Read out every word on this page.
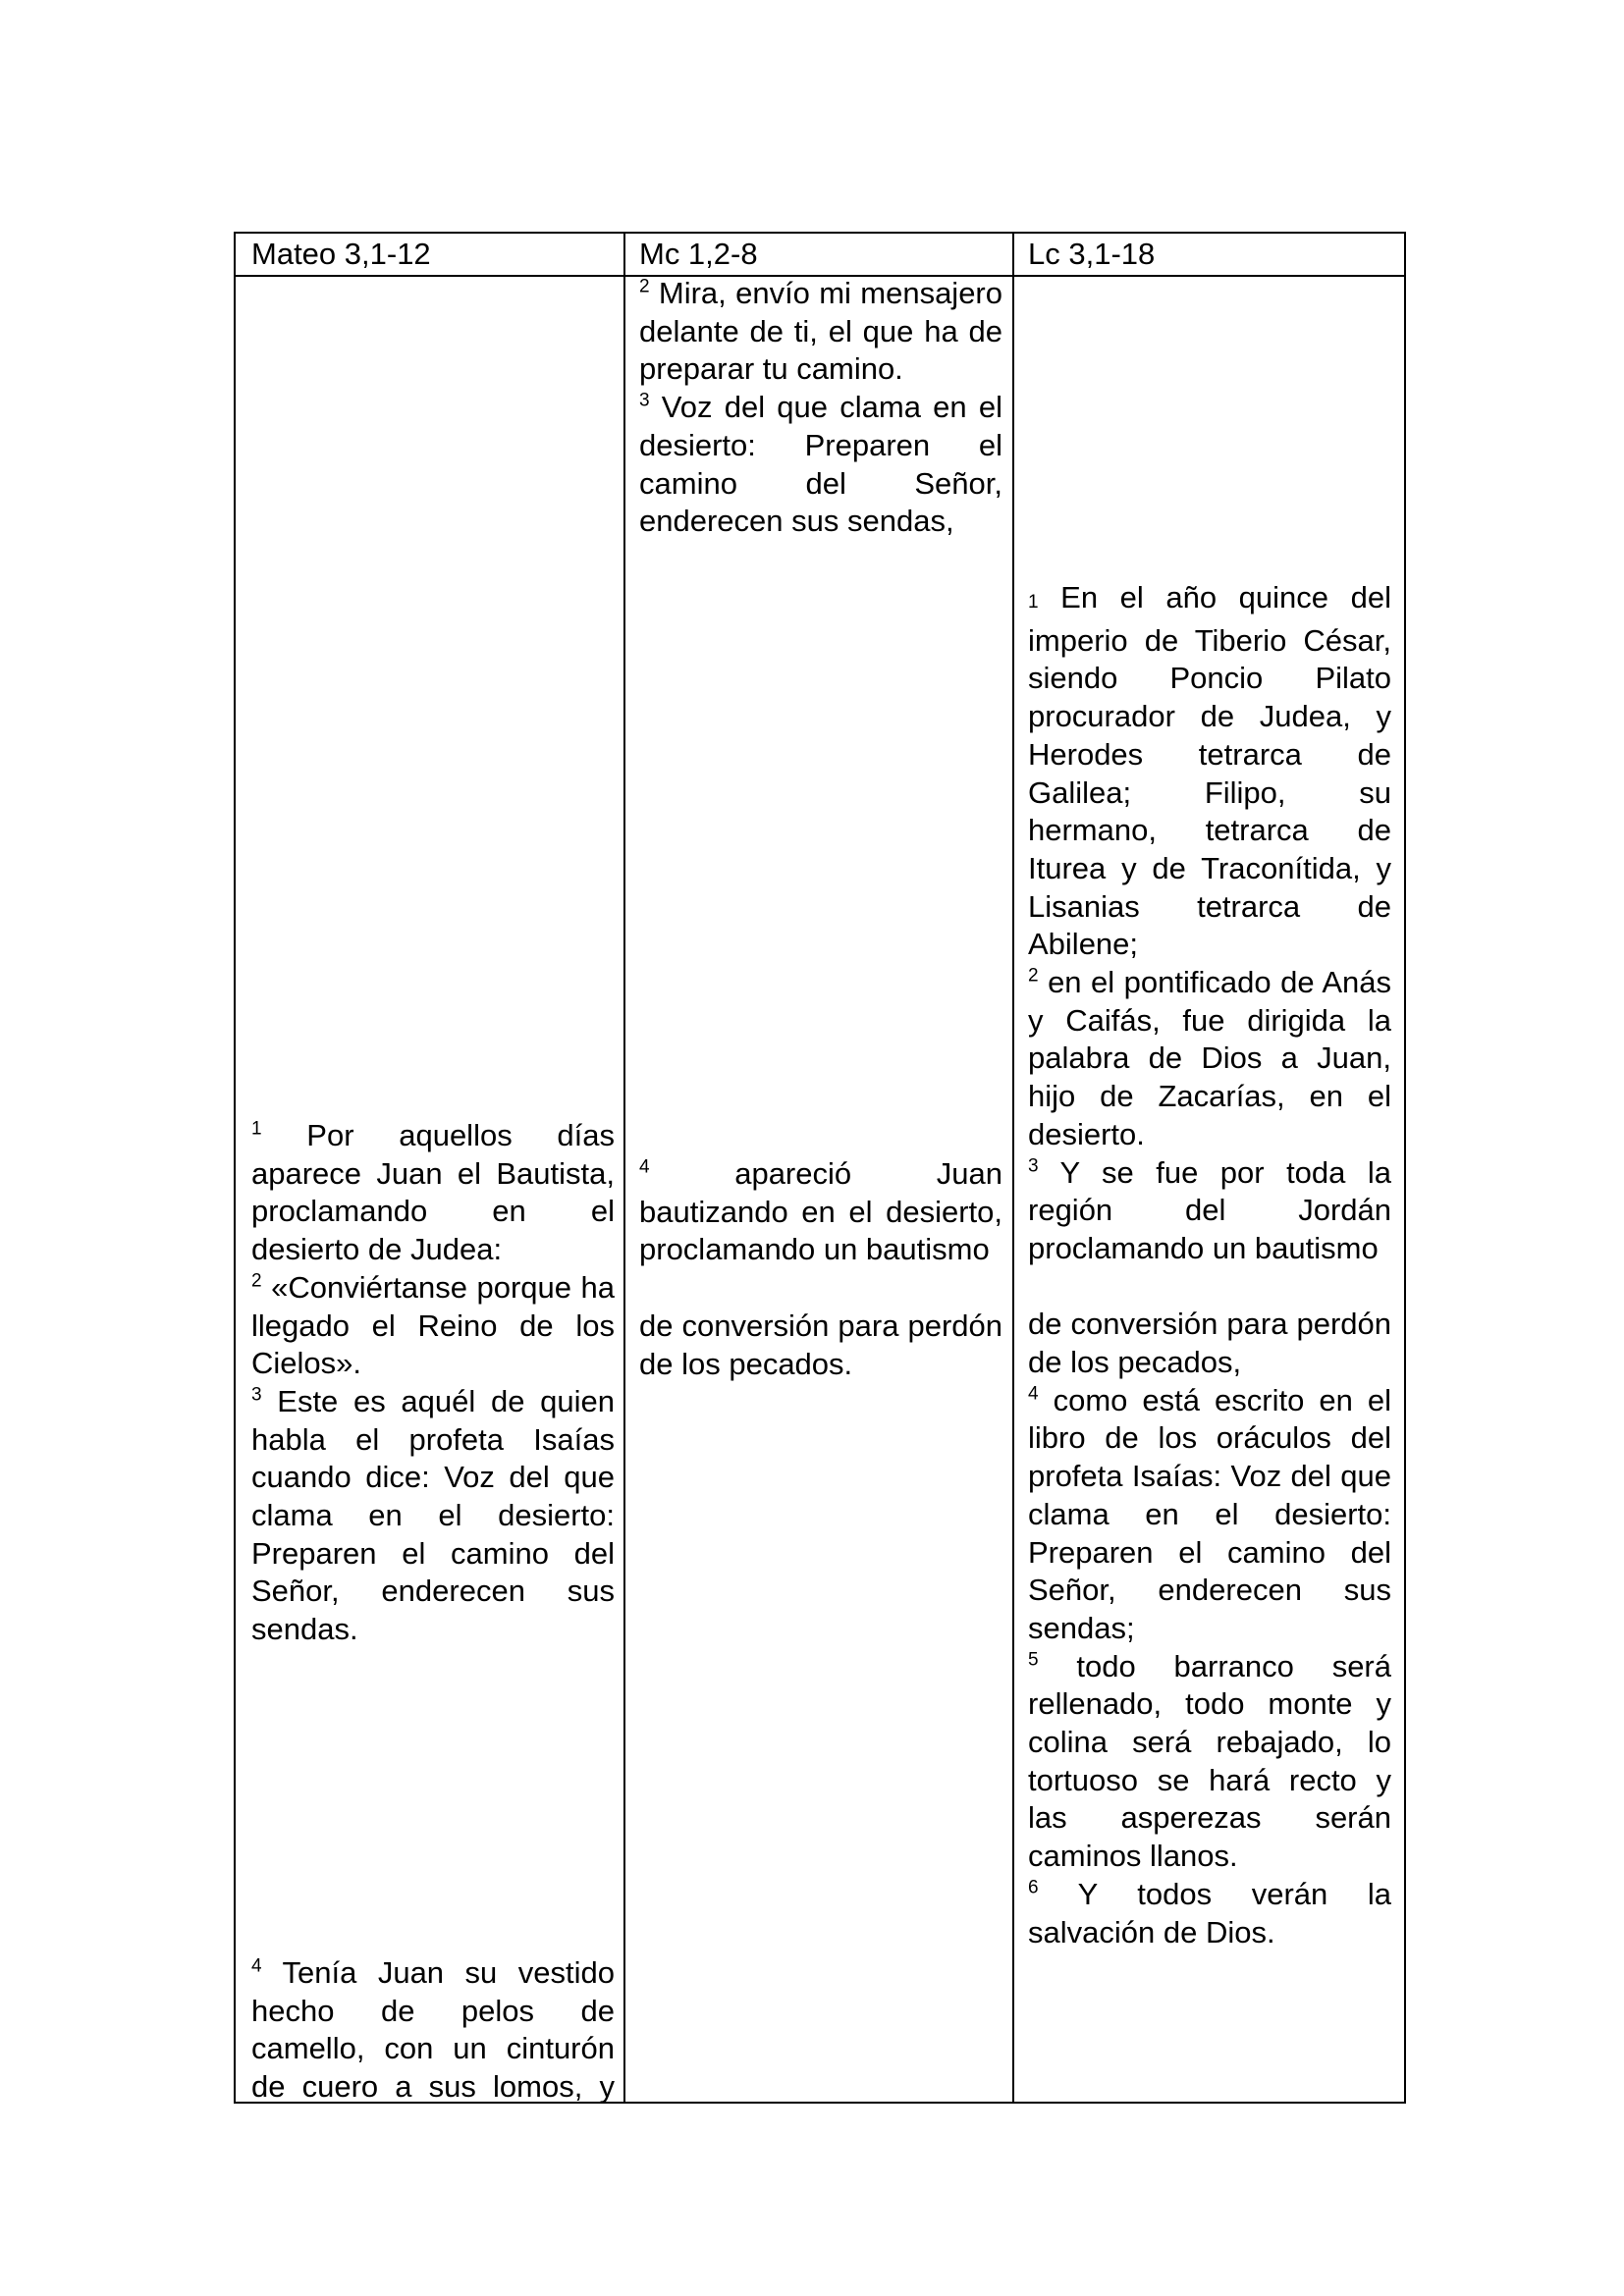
Mateo 3,1-12	Mc 1,2-8	Lc 3,1-18

$^1$ Por aquellos días aparece Juan el Bautista, proclamando en el desierto de Judea:

$^2$ «Conviértanse porque ha llegado el Reino de los Cielos».

$^3$ Este es aquél de quien habla el profeta Isaías cuando dice: Voz del que clama en el desierto: Preparen el camino del Señor, enderecen sus sendas.

$^4$ Tenía Juan su vestido hecho de pelos de camello, con un cinturón de cuero a sus lomos, y

$^2$ Mira, envío mi mensajero delante de ti, el que ha de preparar tu camino.

$^3$ Voz del que clama en el desierto: Preparen el camino del Señor, enderecen sus sendas,

$^4$ apareció Juan bautizando en el desierto, proclamando un bautismo

de conversión para perdón de los pecados.

1 En el año quince del imperio de Tiberio César, siendo Poncio Pilato procurador de Judea, y Herodes tetrarca de Galilea; Filipo, su hermano, tetrarca de Iturea y de Traconítida, y Lisanias tetrarca de Abilene;

$^2$ en el pontificado de Anás y Caifás, fue dirigida la palabra de Dios a Juan, hijo de Zacarías, en el desierto.

$^3$ Y se fue por toda la región del Jordán proclamando un bautismo

de conversión para perdón de los pecados,

$^4$ como está escrito en el libro de los oráculos del profeta Isaías: Voz del que clama en el desierto: Preparen el camino del Señor, enderecen sus sendas;

$^5$ todo barranco será rellenado, todo monte y colina será rebajado, lo tortuoso se hará recto y las asperezas serán caminos llanos.

$^6$ Y todos verán la salvación de Dios.
